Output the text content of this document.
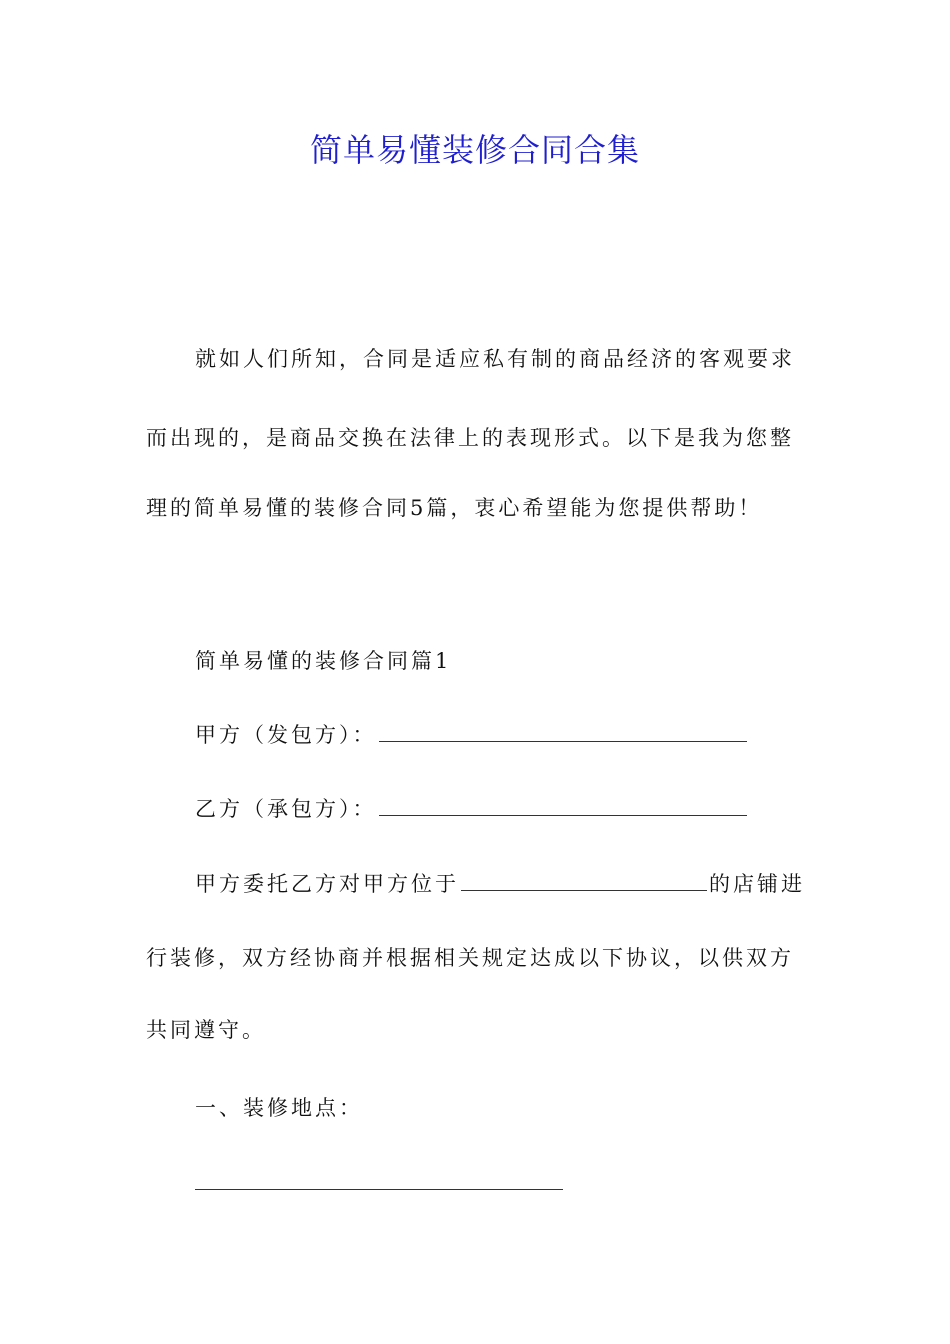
简单易懂装修合同合集
就如人们所知，合同是适应私有制的商品经济的客观要求
而出现的，是商品交换在法律上的表现形式。以下是我为您整
理的简单易懂的装修合同5篇，衷心希望能为您提供帮助！
简单易懂的装修合同篇1
甲方（发包方）：
乙方（承包方）：
甲方委托乙方对甲方位于	的店铺进
行装修，双方经协商并根据相关规定达成以下协议，以供双方
共同遵守。
一、装修地点：
